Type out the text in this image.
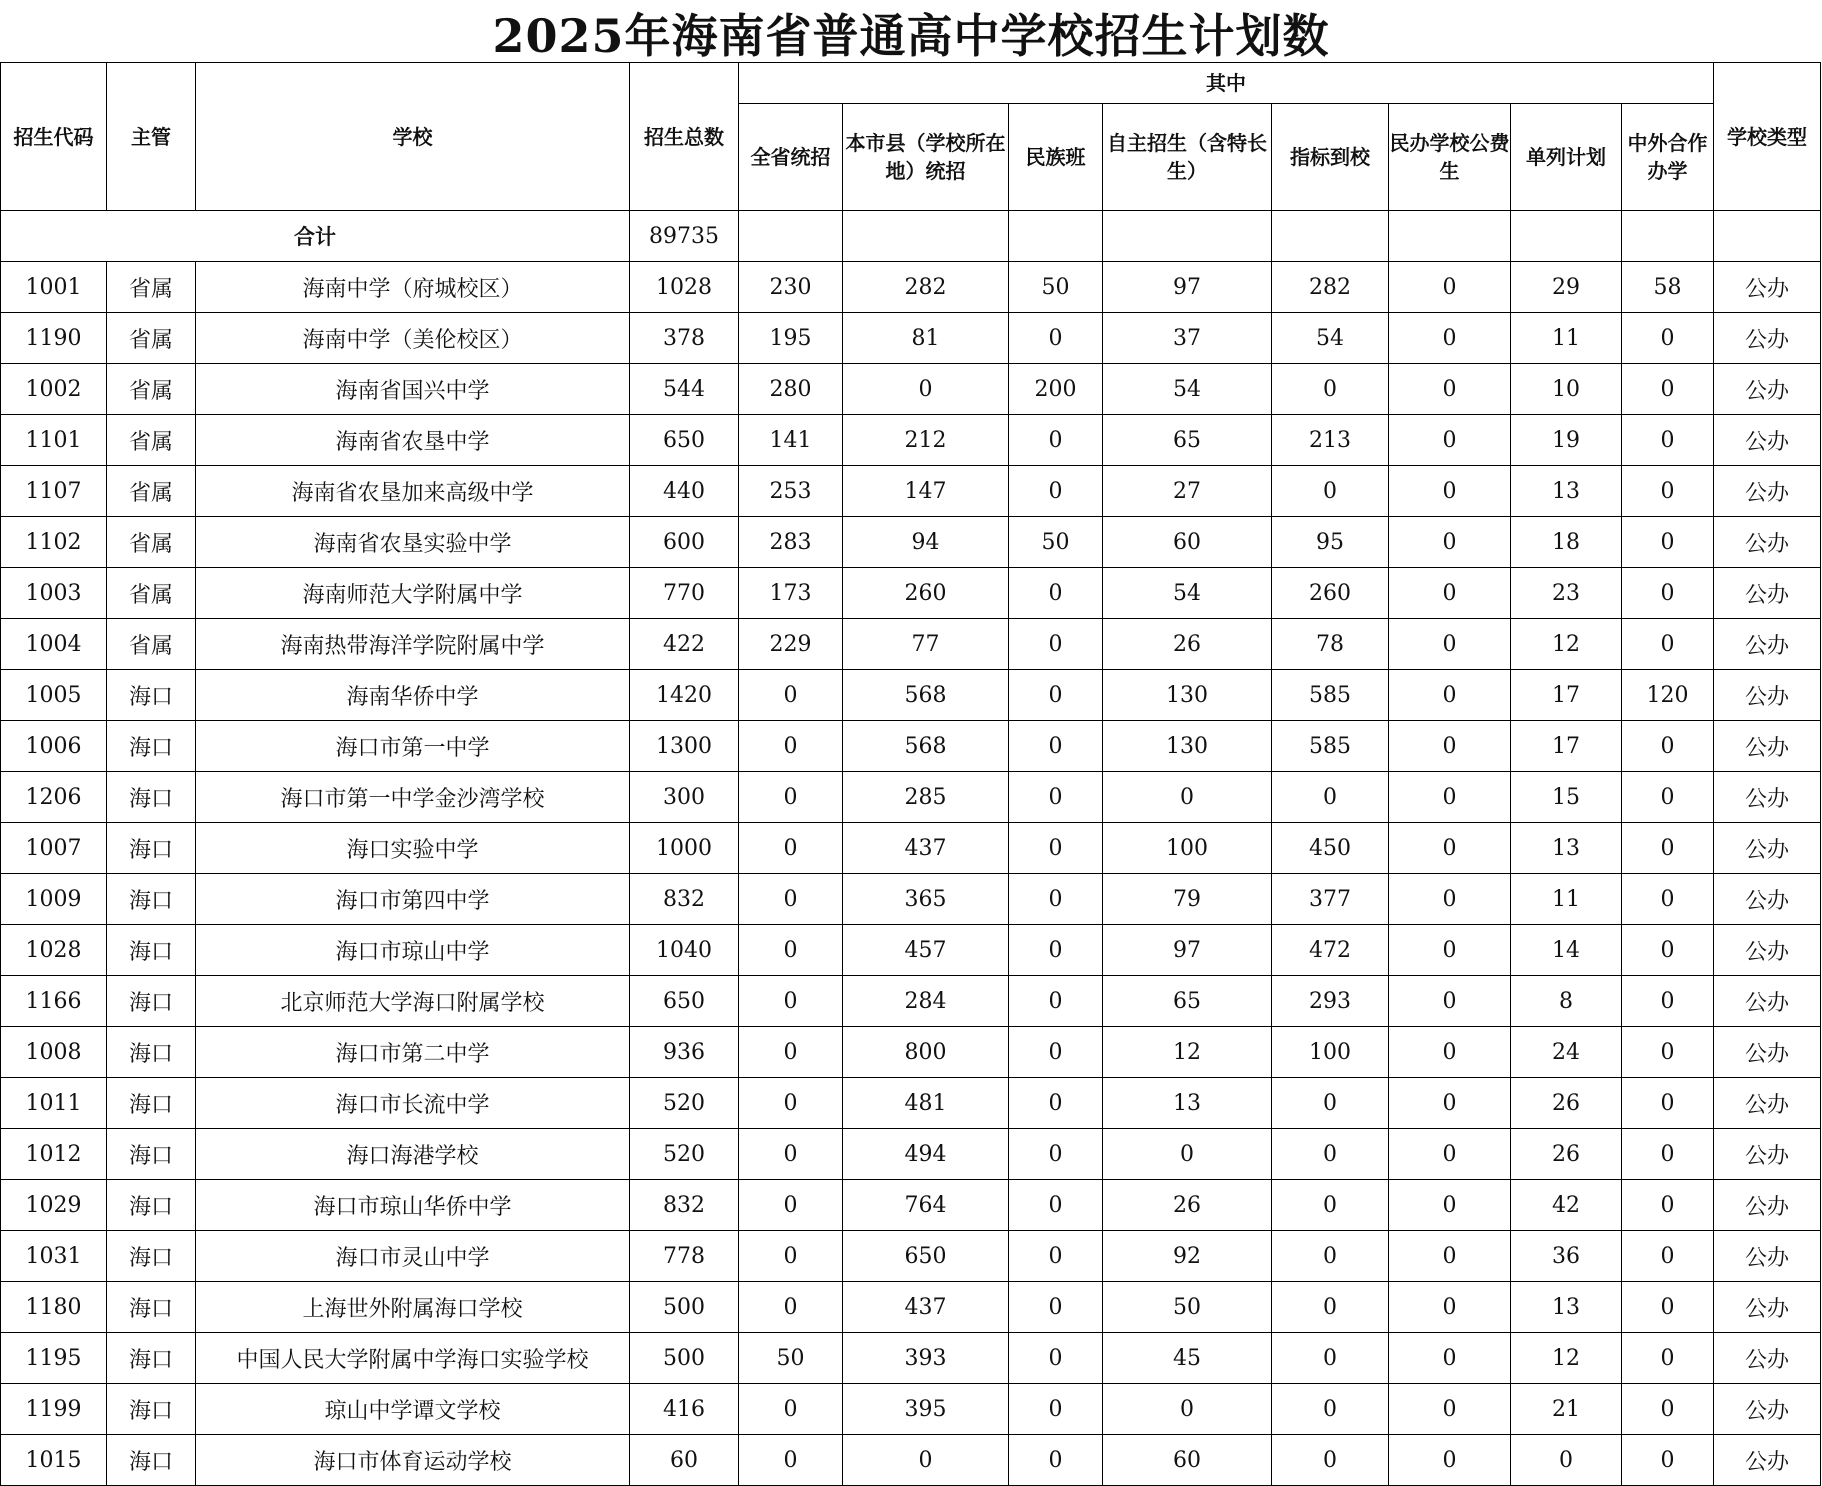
2025年海南省普通高中学校招生计划数
招生代码	主管	学校	招生总数	其中								学校类型
				全省统招	本市县（学校所在地）统招	民族班	自主招生（含特长生）	指标到校	民办学校公费生	单列计划	中外合作办学	
合计			89735									
1001	省属	海南中学（府城校区）	1028	230	282	50	97	282	0	29	58	公办
1190	省属	海南中学（美伦校区）	378	195	81	0	37	54	0	11	0	公办
1002	省属	海南省国兴中学	544	280	0	200	54	0	0	10	0	公办
1101	省属	海南省农垦中学	650	141	212	0	65	213	0	19	0	公办
1107	省属	海南省农垦加来高级中学	440	253	147	0	27	0	0	13	0	公办
1102	省属	海南省农垦实验中学	600	283	94	50	60	95	0	18	0	公办
1003	省属	海南师范大学附属中学	770	173	260	0	54	260	0	23	0	公办
1004	省属	海南热带海洋学院附属中学	422	229	77	0	26	78	0	12	0	公办
1005	海口	海南华侨中学	1420	0	568	0	130	585	0	17	120	公办
1006	海口	海口市第一中学	1300	0	568	0	130	585	0	17	0	公办
1206	海口	海口市第一中学金沙湾学校	300	0	285	0	0	0	0	15	0	公办
1007	海口	海口实验中学	1000	0	437	0	100	450	0	13	0	公办
1009	海口	海口市第四中学	832	0	365	0	79	377	0	11	0	公办
1028	海口	海口市琼山中学	1040	0	457	0	97	472	0	14	0	公办
1166	海口	北京师范大学海口附属学校	650	0	284	0	65	293	0	8	0	公办
1008	海口	海口市第二中学	936	0	800	0	12	100	0	24	0	公办
1011	海口	海口市长流中学	520	0	481	0	13	0	0	26	0	公办
1012	海口	海口海港学校	520	0	494	0	0	0	0	26	0	公办
1029	海口	海口市琼山华侨中学	832	0	764	0	26	0	0	42	0	公办
1031	海口	海口市灵山中学	778	0	650	0	92	0	0	36	0	公办
1180	海口	上海世外附属海口学校	500	0	437	0	50	0	0	13	0	公办
1195	海口	中国人民大学附属中学海口实验学校	500	50	393	0	45	0	0	12	0	公办
1199	海口	琼山中学谭文学校	416	0	395	0	0	0	0	21	0	公办
1015	海口	海口市体育运动学校	60	0	0	0	60	0	0	0	0	公办
